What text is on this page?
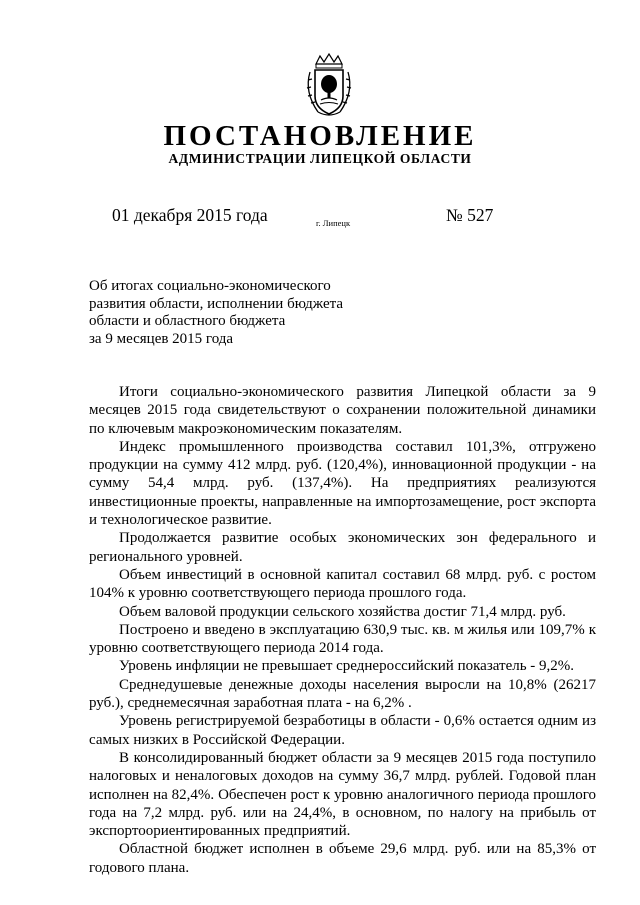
ПОСТАНОВЛЕНИЕ
АДМИНИСТРАЦИИ ЛИПЕЦКОЙ ОБЛАСТИ
01 декабря 2015 года	г. Липецк	№ 527
Об итогах социально-экономического
развития области, исполнении бюджета
области и областного бюджета
за 9 месяцев 2015 года

Итоги социально-экономического развития Липецкой области за 9 месяцев 2015 года свидетельствуют о сохранении положительной динамики по ключевым макроэкономическим показателям.

Индекс промышленного производства составил 101,3%, отгружено продукции на сумму 412 млрд. руб. (120,4%), инновационной продукции - на сумму 54,4 млрд. руб. (137,4%). На предприятиях реализуются инвестиционные проекты, направленные на импортозамещение, рост экспорта и технологическое развитие.

Продолжается развитие особых экономических зон федерального и регионального уровней.

Объем инвестиций в основной капитал составил 68 млрд. руб. с ростом 104% к уровню соответствующего периода прошлого года.

Объем валовой продукции сельского хозяйства достиг 71,4 млрд. руб.

Построено и введено в эксплуатацию 630,9 тыс. кв. м жилья или 109,7% к уровню соответствующего периода 2014 года.

Уровень инфляции не превышает среднероссийский показатель - 9,2%.

Среднедушевые денежные доходы населения выросли на 10,8% (26217 руб.), среднемесячная заработная плата - на 6,2% .

Уровень регистрируемой безработицы в области - 0,6% остается одним из самых низких в Российской Федерации.

В консолидированный бюджет области за 9 месяцев 2015 года поступило налоговых и неналоговых доходов на сумму 36,7 млрд. рублей. Годовой план исполнен на 82,4%. Обеспечен рост к уровню аналогичного периода прошлого года на 7,2 млрд. руб. или на 24,4%, в основном, по налогу на прибыль от экспортоориентированных предприятий.

Областной бюджет исполнен в объеме 29,6 млрд. руб. или на 85,3% от годового плана.
